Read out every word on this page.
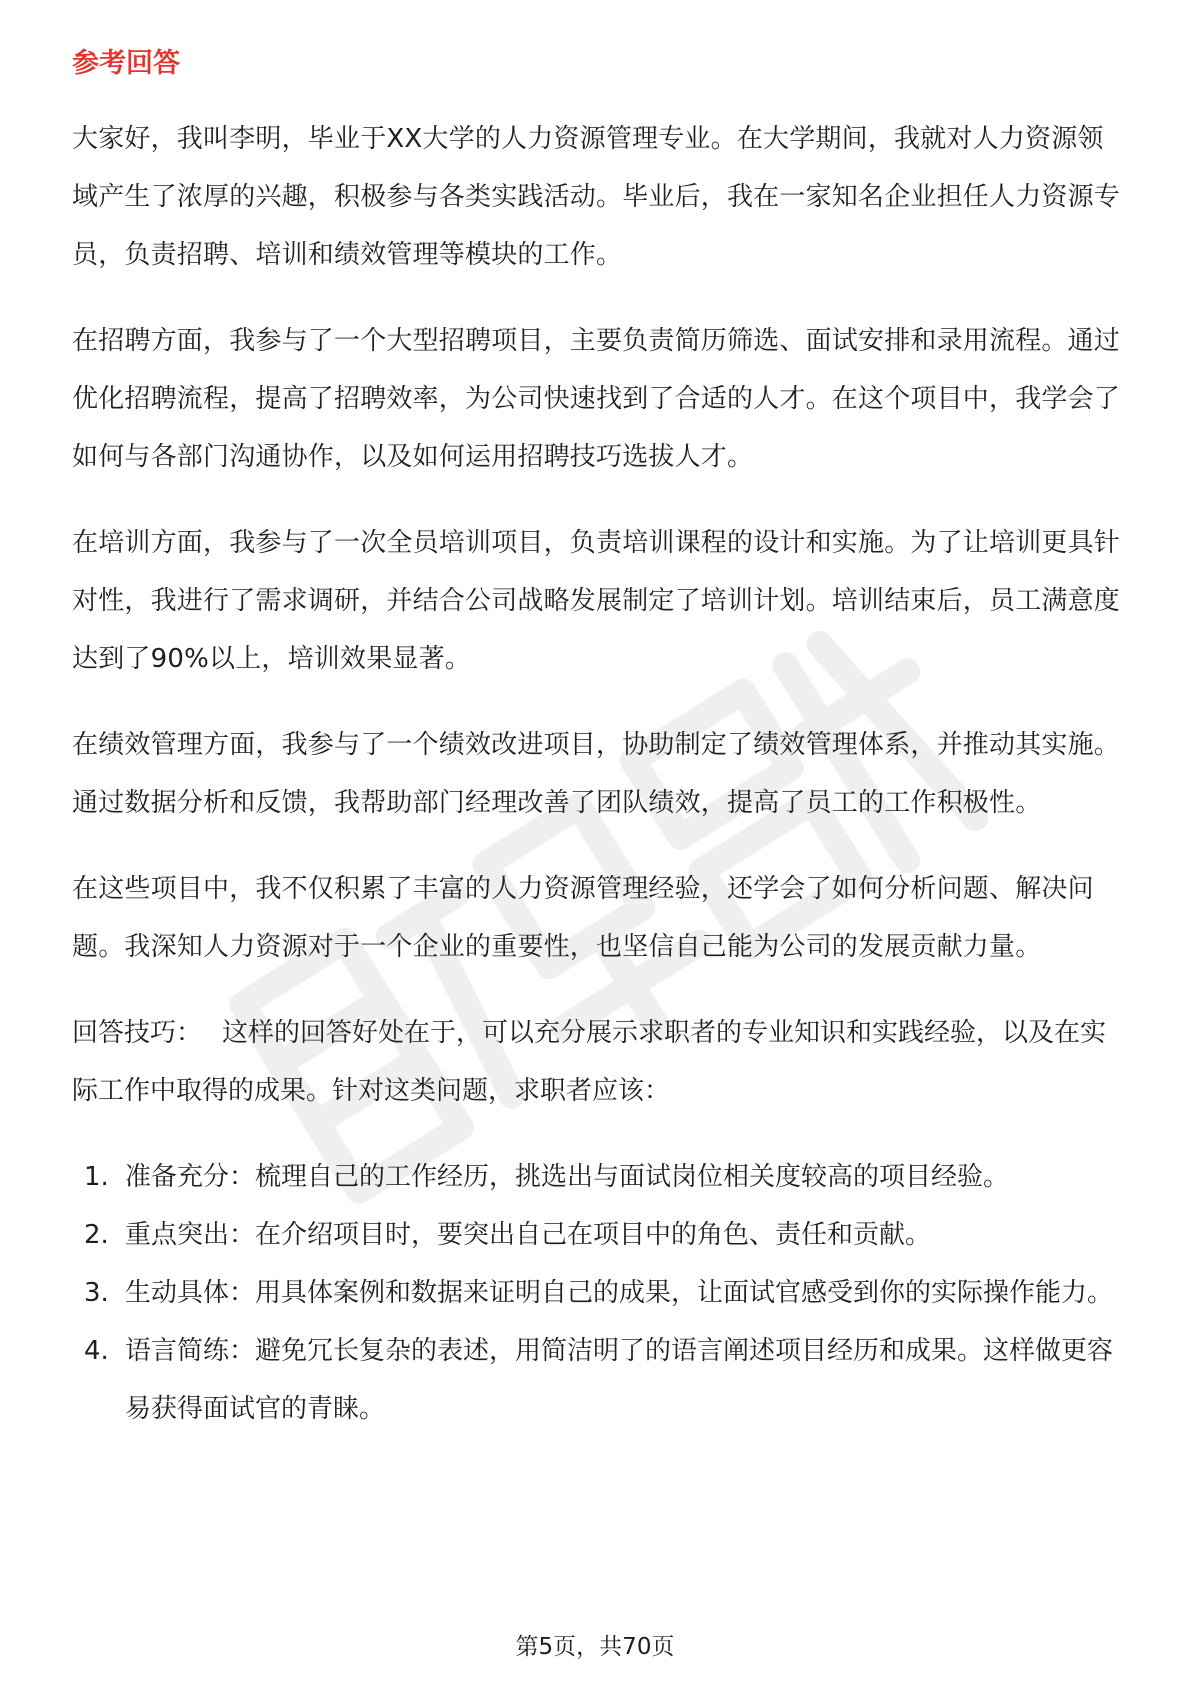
参考回答

大家好，我叫李明，毕业于XX大学的人力资源管理专业。在大学期间，我就对人力资源领域产生了浓厚的兴趣，积极参与各类实践活动。毕业后，我在一家知名企业担任人力资源专员，负责招聘、培训和绩效管理等模块的工作。

在招聘方面，我参与了一个大型招聘项目，主要负责简历筛选、面试安排和录用流程。通过优化招聘流程，提高了招聘效率，为公司快速找到了合适的人才。在这个项目中，我学会了如何与各部门沟通协作，以及如何运用招聘技巧选拔人才。

在培训方面，我参与了一次全员培训项目，负责培训课程的设计和实施。为了让培训更具针对性，我进行了需求调研，并结合公司战略发展制定了培训计划。培训结束后，员工满意度达到了90%以上，培训效果显著。

在绩效管理方面，我参与了一个绩效改进项目，协助制定了绩效管理体系，并推动其实施。通过数据分析和反馈，我帮助部门经理改善了团队绩效，提高了员工的工作积极性。

在这些项目中，我不仅积累了丰富的人力资源管理经验，还学会了如何分析问题、解决问题。我深知人力资源对于一个企业的重要性，也坚信自己能为公司的发展贡献力量。

回答技巧： 这样的回答好处在于，可以充分展示求职者的专业知识和实践经验，以及在实际工作中取得的成果。针对这类问题，求职者应该：

1. 准备充分：梳理自己的工作经历，挑选出与面试岗位相关度较高的项目经验。
2. 重点突出：在介绍项目时，要突出自己在项目中的角色、责任和贡献。
3. 生动具体：用具体案例和数据来证明自己的成果，让面试官感受到你的实际操作能力。
4. 语言简练：避免冗长复杂的表述，用简洁明了的语言阐述项目经历和成果。这样做更容易获得面试官的青睐。
第5页，共70页
